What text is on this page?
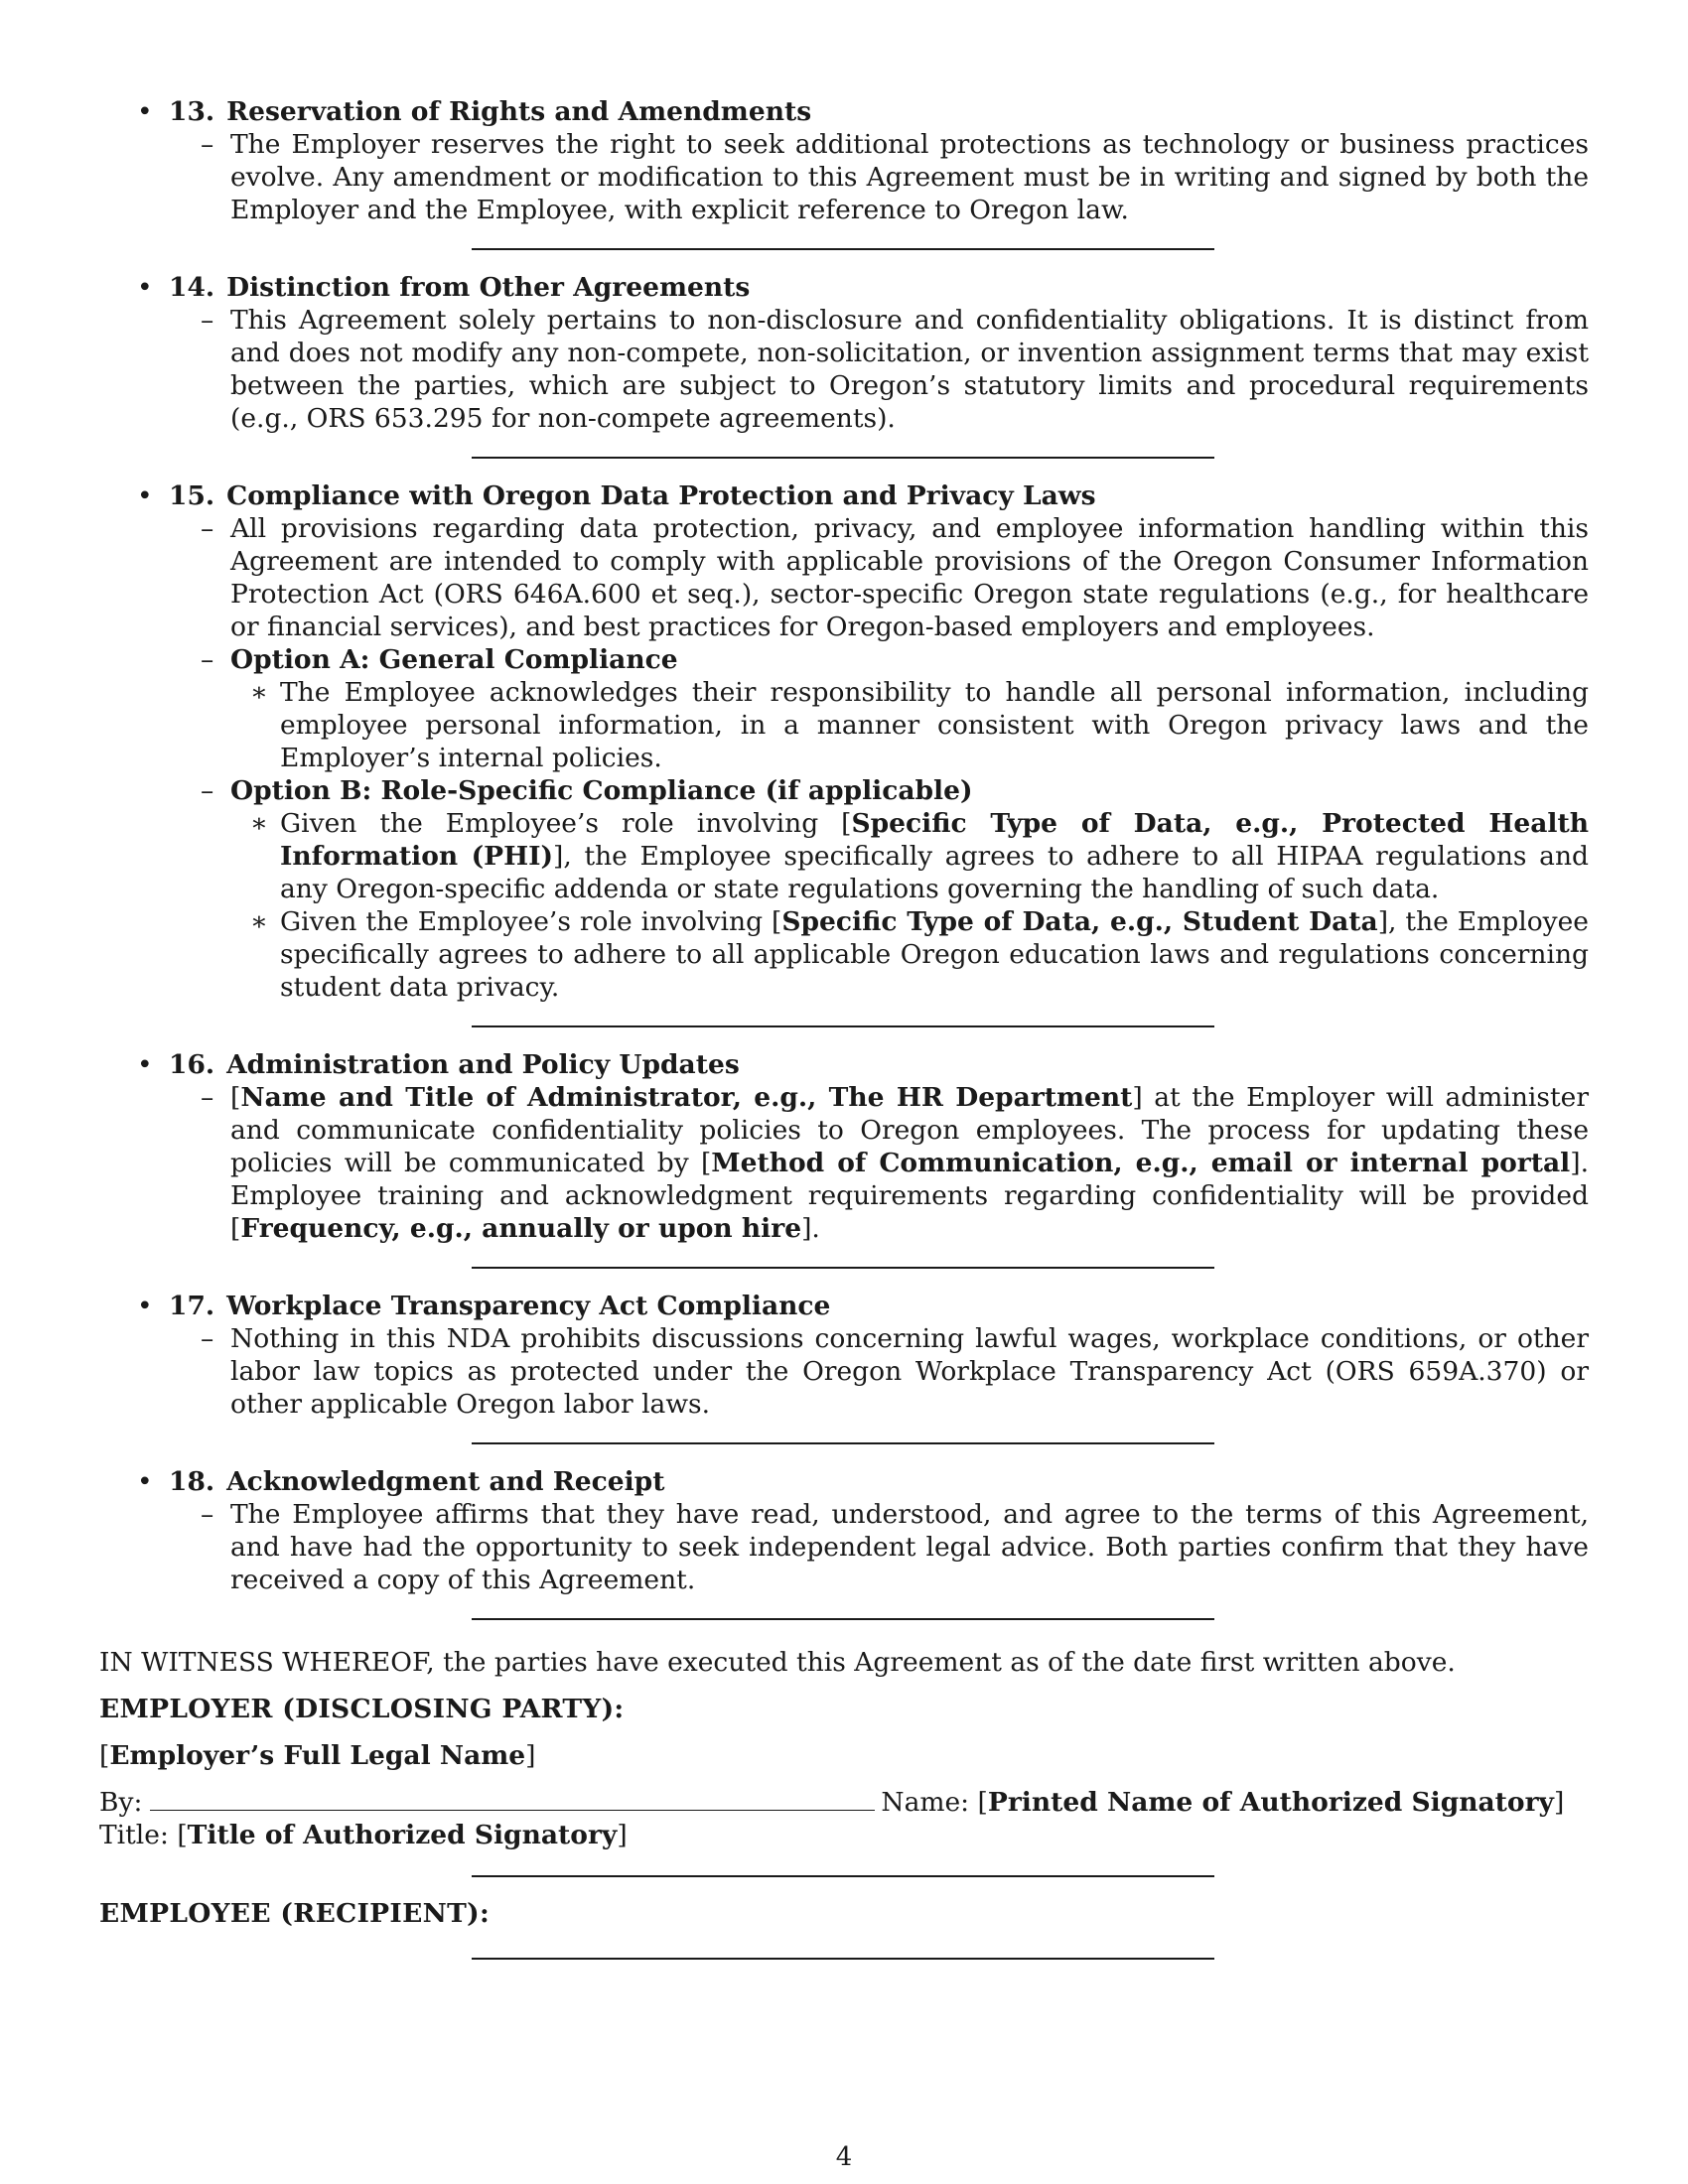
• 13. Reservation of Rights and Amendments
– The Employer reserves the right to seek additional protections as technology or business practices evolve. Any amendment or modification to this Agreement must be in writing and signed by both the Employer and the Employee, with explicit reference to Oregon law.
• 14. Distinction from Other Agreements
– This Agreement solely pertains to non-disclosure and confidentiality obligations. It is distinct from and does not modify any non-compete, non-solicitation, or invention assignment terms that may exist between the parties, which are subject to Oregon’s statutory limits and procedural requirements (e.g., ORS 653.295 for non-compete agreements).
• 15. Compliance with Oregon Data Protection and Privacy Laws
– All provisions regarding data protection, privacy, and employee information handling within this Agreement are intended to comply with applicable provisions of the Oregon Consumer Information Protection Act (ORS 646A.600 et seq.), sector-specific Oregon state regulations (e.g., for healthcare or financial services), and best practices for Oregon-based employers and employees.
– Option A: General Compliance
∗ The Employee acknowledges their responsibility to handle all personal information, including employee personal information, in a manner consistent with Oregon privacy laws and the Employer’s internal policies.
– Option B: Role-Specific Compliance (if applicable)
∗ Given the Employee’s role involving [Specific Type of Data, e.g., Protected Health Information (PHI)], the Employee specifically agrees to adhere to all HIPAA regulations and any Oregon-specific addenda or state regulations governing the handling of such data.
∗ Given the Employee’s role involving [Specific Type of Data, e.g., Student Data], the Employee specifically agrees to adhere to all applicable Oregon education laws and regulations concerning student data privacy.
• 16. Administration and Policy Updates
– [Name and Title of Administrator, e.g., The HR Department] at the Employer will administer and communicate confidentiality policies to Oregon employees. The process for updating these policies will be communicated by [Method of Communication, e.g., email or internal portal]. Employee training and acknowledgment requirements regarding confidentiality will be provided [Frequency, e.g., annually or upon hire].
• 17. Workplace Transparency Act Compliance
– Nothing in this NDA prohibits discussions concerning lawful wages, workplace conditions, or other labor law topics as protected under the Oregon Workplace Transparency Act (ORS 659A.370) or other applicable Oregon labor laws.
• 18. Acknowledgment and Receipt
– The Employee affirms that they have read, understood, and agree to the terms of this Agreement, and have had the opportunity to seek independent legal advice. Both parties confirm that they have received a copy of this Agreement.
IN WITNESS WHEREOF, the parties have executed this Agreement as of the date first written above.
EMPLOYER (DISCLOSING PARTY):
[Employer’s Full Legal Name]
By:	Name: [Printed Name of Authorized Signatory] Title: [Title of Authorized Signatory]
EMPLOYEE (RECIPIENT):
4
